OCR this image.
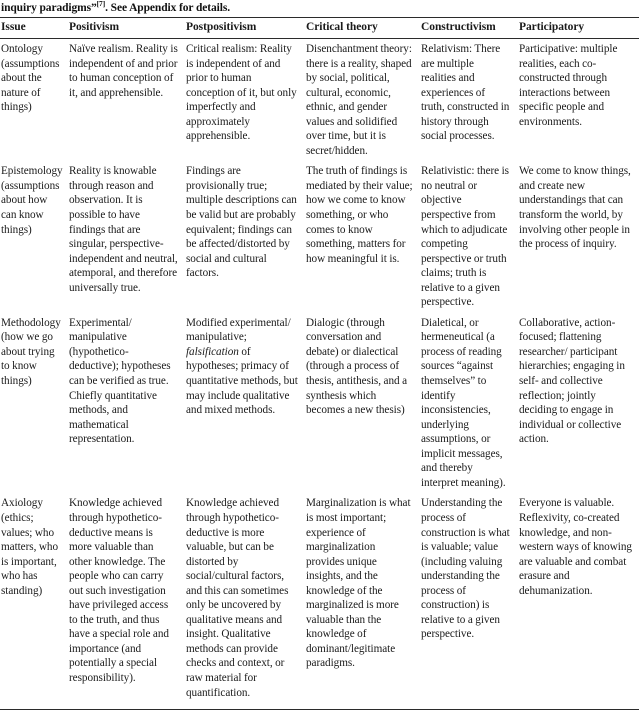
inquiry paradigms”[7]. See Appendix for details.
Issue	Positivism	Postpositivism	Critical theory	Constructivism	Participatory
Ontology (assumptions about the nature of things)	Naïve realism. Reality is independent of and prior to human conception of it, and apprehensible.	Critical realism: Reality is independent of and prior to human conception of it, but only imperfectly and approximately apprehensible.	Disenchantment theory: there is a reality, shaped by social, political, cultural, economic, ethnic, and gender values and solidified over time, but it is secret/hidden.	Relativism: There are multiple realities and experiences of truth, constructed in history through social processes.	Participative: multiple realities, each co-constructed through interactions between specific people and environments.
Epistemology (assumptions about how can know things)	Reality is knowable through reason and observation. It is possible to have findings that are singular, perspective-independent and neutral, atemporal, and therefore universally true.	Findings are provisionally true; multiple descriptions can be valid but are probably equivalent; findings can be affected/distorted by social and cultural factors.	The truth of findings is mediated by their value; how we come to know something, or who comes to know something, matters for how meaningful it is.	Relativistic: there is no neutral or objective perspective from which to adjudicate competing perspective or truth claims; truth is relative to a given perspective.	We come to know things, and create new understandings that can transform the world, by involving other people in the process of inquiry.
Methodology (how we go about trying to know things)	Experimental/ manipulative (hypothetico-deductive); hypotheses can be verified as true. Chiefly quantitative methods, and mathematical representation.	Modified experimental/ manipulative; falsification of hypotheses; primacy of quantitative methods, but may include qualitative and mixed methods.	Dialogic (through conversation and debate) or dialectical (through a process of thesis, antithesis, and a synthesis which becomes a new thesis)	Dialetical, or hermeneutical (a process of reading sources “against themselves” to identify inconsistencies, underlying assumptions, or implicit messages, and thereby interpret meaning).	Collaborative, action-focused; flattening researcher/ participant hierarchies; engaging in self- and collective reflection; jointly deciding to engage in individual or collective action.
Axiology (ethics; values; who matters, who is important, who has standing)	Knowledge achieved through hypothetico-deductive means is more valuable than other knowledge. The people who can carry out such investigation have privileged access to the truth, and thus have a special role and importance (and potentially a special responsibility).	Knowledge achieved through hypothetico-deductive is more valuable, but can be distorted by social/cultural factors, and this can sometimes only be uncovered by qualitative means and insight. Qualitative methods can provide checks and context, or raw material for quantification.	Marginalization is what is most important; experience of marginalization provides unique insights, and the knowledge of the marginalized is more valuable than the knowledge of dominant/legitimate paradigms.	Understanding the process of construction is what is valuable; value (including valuing understanding the process of construction) is relative to a given perspective.	Everyone is valuable. Reflexivity, co-created knowledge, and non-western ways of knowing are valuable and combat erasure and dehumanization.
